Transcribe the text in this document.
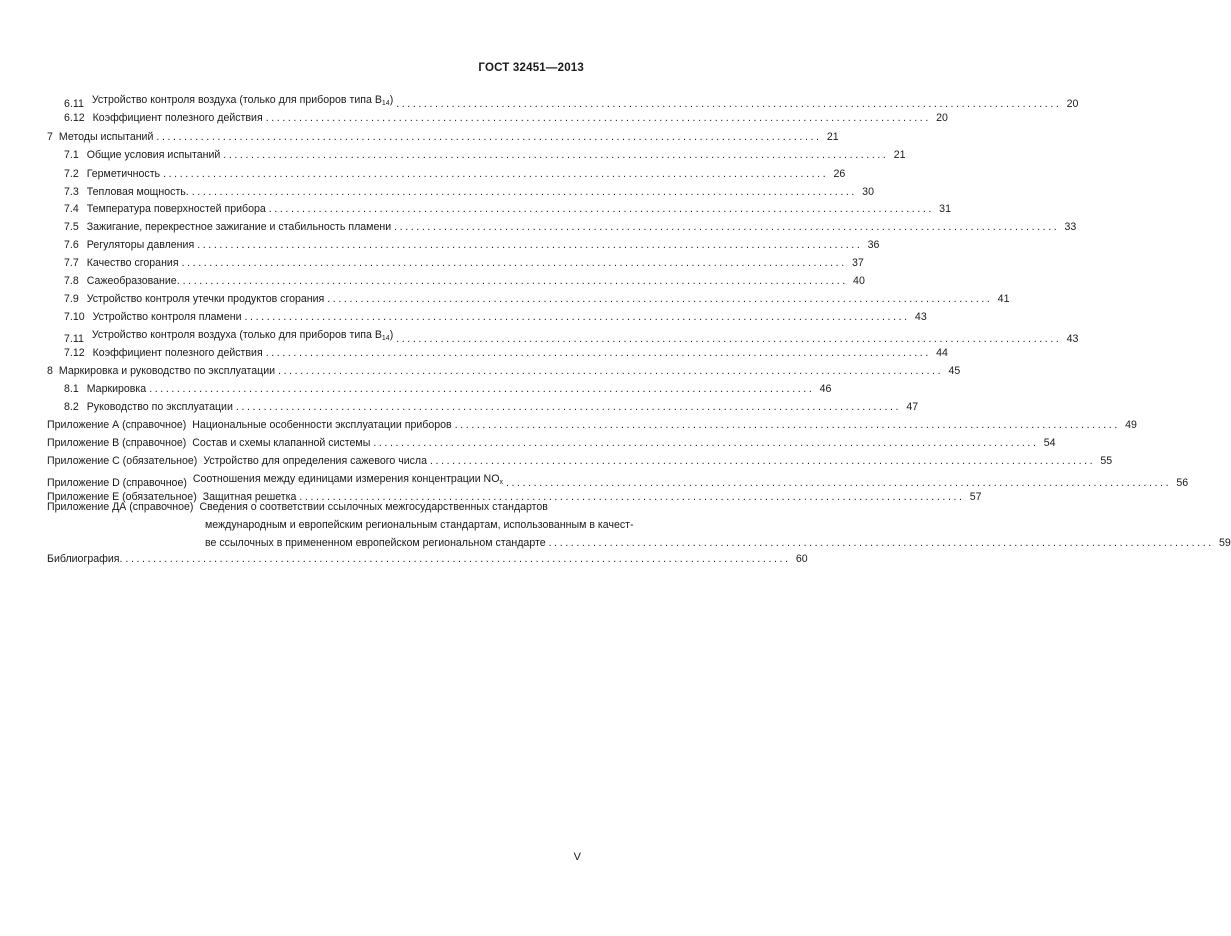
ГОСТ 32451—2013
6.11 Устройство контроля воздуха (только для приборов типа $B_{14}$) ........................................................................................................................ 20
6.12 Коэффициент полезного действия ........................................................................................................................ 20
7 Методы испытаний ........................................................................................................................ 21
7.1 Общие условия испытаний ........................................................................................................................ 21
7.2 Герметичность ........................................................................................................................ 26
7.3 Тепловая мощность. ........................................................................................................................ 30
7.4 Температура поверхностей прибора ........................................................................................................................ 31
7.5 Зажигание, перекрестное зажигание и стабильность пламени ........................................................................................................................ 33
7.6 Регуляторы давления ........................................................................................................................ 36
7.7 Качество сгорания ........................................................................................................................ 37
7.8 Сажеобразование. ........................................................................................................................ 40
7.9 Устройство контроля утечки продуктов сгорания ........................................................................................................................ 41
7.10 Устройство контроля пламени ........................................................................................................................ 43
7.11 Устройство контроля воздуха (только для приборов типа $B_{14}$) ........................................................................................................................ 43
7.12 Коэффициент полезного действия ........................................................................................................................ 44
8 Маркировка и руководство по эксплуатации ........................................................................................................................ 45
8.1 Маркировка ........................................................................................................................ 46
8.2 Руководство по эксплуатации ........................................................................................................................ 47
Приложение А (справочное) Национальные особенности эксплуатации приборов ........................................................................................................................ 49
Приложение В (справочное) Состав и схемы клапанной системы ........................................................................................................................ 54
Приложение С (обязательное) Устройство для определения сажевого числа ........................................................................................................................ 55
Приложение D (справочное) Соотношения между единицами измерения концентрации $NO_x$ ........................................................................................................................ 56
Приложение Е (обязательное) Защитная решетка ........................................................................................................................ 57
Приложение ДА (справочное) Сведения о соответствии ссылочных межгосударственных стандартов
международным и европейским региональным стандартам, использованным в качест-
ве ссылочных в примененном европейском региональном стандарте ........................................................................................................................ 59
Библиография. ........................................................................................................................ 60
V
